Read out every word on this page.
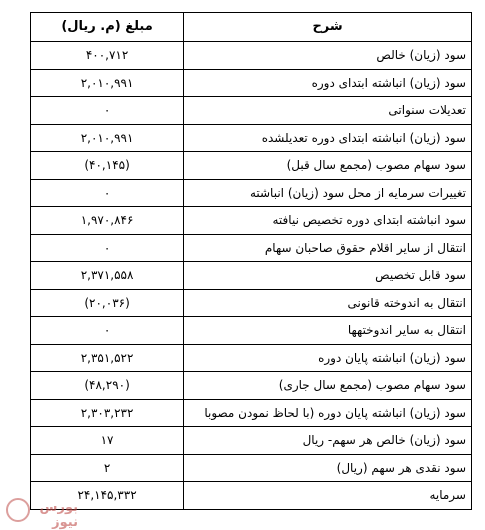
شرح	مبلغ (م. ریال)
سود (زیان) خالص	۴۰۰,۷۱۲
سود (زیان) انباشته ابتدای دوره	۲,۰۱۰,۹۹۱
تعدیلات سنواتی	۰
سود (زیان) انباشته ابتدای دوره تعدیلشده	۲,۰۱۰,۹۹۱
سود سهام مصوب (مجمع سال قبل)	(۴۰,۱۴۵)
تغییرات سرمایه از محل سود (زیان) انباشته	۰
سود انباشته ابتدای دوره تخصیص نیافته	۱,۹۷۰,۸۴۶
انتقال از سایر اقلام حقوق صاحبان سهام	۰
سود قابل تخصیص	۲,۳۷۱,۵۵۸
انتقال به اندوخته قانونی	(۲۰,۰۳۶)
انتقال به سایر اندوختهها	۰
سود (زیان) انباشته پایان دوره	۲,۳۵۱,۵۲۲
سود سهام مصوب (مجمع سال جاری)	(۴۸,۲۹۰)
سود (زیان) انباشته پایان دوره (با لحاظ نمودن مصوبا	۲,۳۰۳,۲۳۲
سود (زیان) خالص هر سهم- ریال	۱۷
سود نقدی هر سهم (ریال)	۲
سرمایه	۲۴,۱۴۵,۳۳۲
بورس نیوز
